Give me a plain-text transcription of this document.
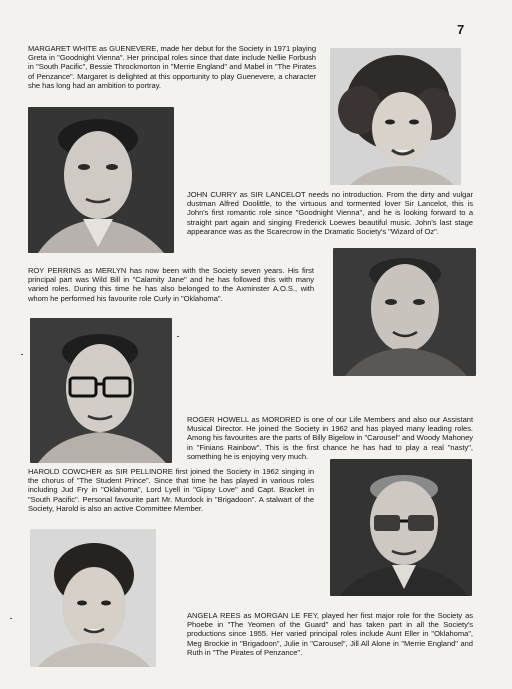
7

MARGARET WHITE as GUENEVERE, made her debut for the Society in 1971 playing Greta in "Goodnight Vienna". Her principal roles since that date include Nellie Forbush in "South Pacific", Bessie Throckmorton in "Merrie England" and Mabel in "The Pirates of Penzance". Margaret is delighted at this opportunity to play Guenevere, a character she has long had an ambition to portray.

JOHN CURRY as SIR LANCELOT needs no introduction. From the dirty and vulgar dustman Alfred Doolittle, to the virtuous and tormented lover Sir Lancelot, this is John's first romantic role since "Goodnight Vienna", and he is looking forward to a straight part again and singing Frederick Loewes beautiful music. John's last stage appearance was as the Scarecrow in the Dramatic Society's "Wizard of Oz".

ROY PERRINS as MERLYN has now been with the Society seven years. His first principal part was Wild Bill in "Calamity Jane" and he has followed this with many varied roles. During this time he has also belonged to the Axminster A.O.S., with whom he performed his favourite role Curly in "Oklahoma".

ROGER HOWELL as MORDRED is one of our Life Members and also our Assistant Musical Director. He joined the Society in 1962 and has played many leading roles. Among his favourites are the parts of Billy Bigelow in "Carousel" and Woody Mahoney in "Finians Rainbow". This is the first chance he has had to play a real "nasty", something he is enjoying very much.

HAROLD COWCHER as SIR PELLINORE first joined the Society in 1962 singing in the chorus of "The Student Prince". Since that time he has played in various roles including Jud Fry in "Oklahoma", Lord Lyell in "Gipsy Love" and Capt. Bracket in "South Pacific". Personal favourite part Mr. Murdock in "Brigadoon". A stalwart of the Society, Harold is also an active Committee Member.

ANGELA REES as MORGAN LE FEY, played her first major role for the Society as Phoebe in "The Yeomen of the Guard" and has taken part in all the Society's productions since 1955. Her varied principal roles include Aunt Eller in "Oklahoma", Meg Brockie in "Brigadoon", Julie in "Carousel", Jill All Alone in "Merrie England" and Ruth in "The Pirates of Penzance".
